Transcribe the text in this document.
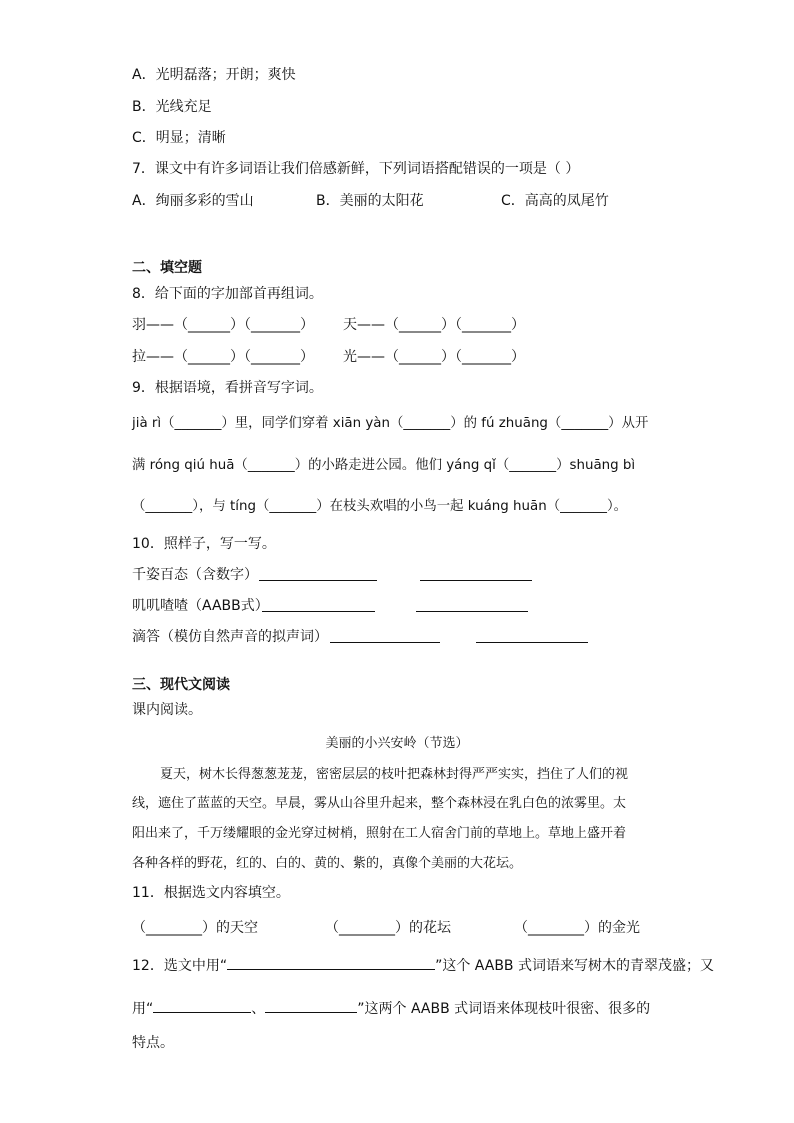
A．光明磊落；开朗；爽快
B．光线充足
C．明显；清晰
7．课文中有许多词语让我们倍感新鲜，下列词语搭配错误的一项是（ ）
A．绚丽多彩的雪山	B．美丽的太阳花	C．高高的凤尾竹
二、填空题
8．给下面的字加部首再组词。
羽——（______）（_______） 天——（______）（_______）
拉——（______）（_______） 光——（______）（_______）
9．根据语境，看拼音写字词。
jià rì（_______）里，同学们穿着 xiān yàn（_______）的 fú zhuāng（_______）从开
满 róng qiú huā（_______）的小路走进公园。他们 yáng qǐ（_______）shuāng bì
（_______），与 tíng（_______）在枝头欢唱的小鸟一起 kuáng huān（_______）。
10．照样子，写一写。
千姿百态（含数字）
叽叽喳喳（AABB式）
滴答（模仿自然声音的拟声词）
三、现代文阅读
课内阅读。
美丽的小兴安岭（节选）
夏天，树木长得葱葱茏茏，密密层层的枝叶把森林封得严严实实，挡住了人们的视
线，遮住了蓝蓝的天空。早晨，雾从山谷里升起来，整个森林浸在乳白色的浓雾里。太
阳出来了，千万缕耀眼的金光穿过树梢，照射在工人宿舍门前的草地上。草地上盛开着
各种各样的野花，红的、白的、黄的、紫的，真像个美丽的大花坛。
11．根据选文内容填空。
（________）的天空	（________）的花坛	（________）的金光
12．选文中用“	”这个 AABB 式词语来写树木的青翠茂盛；又
用“	、	”这两个 AABB 式词语来体现枝叶很密、很多的
特点。
